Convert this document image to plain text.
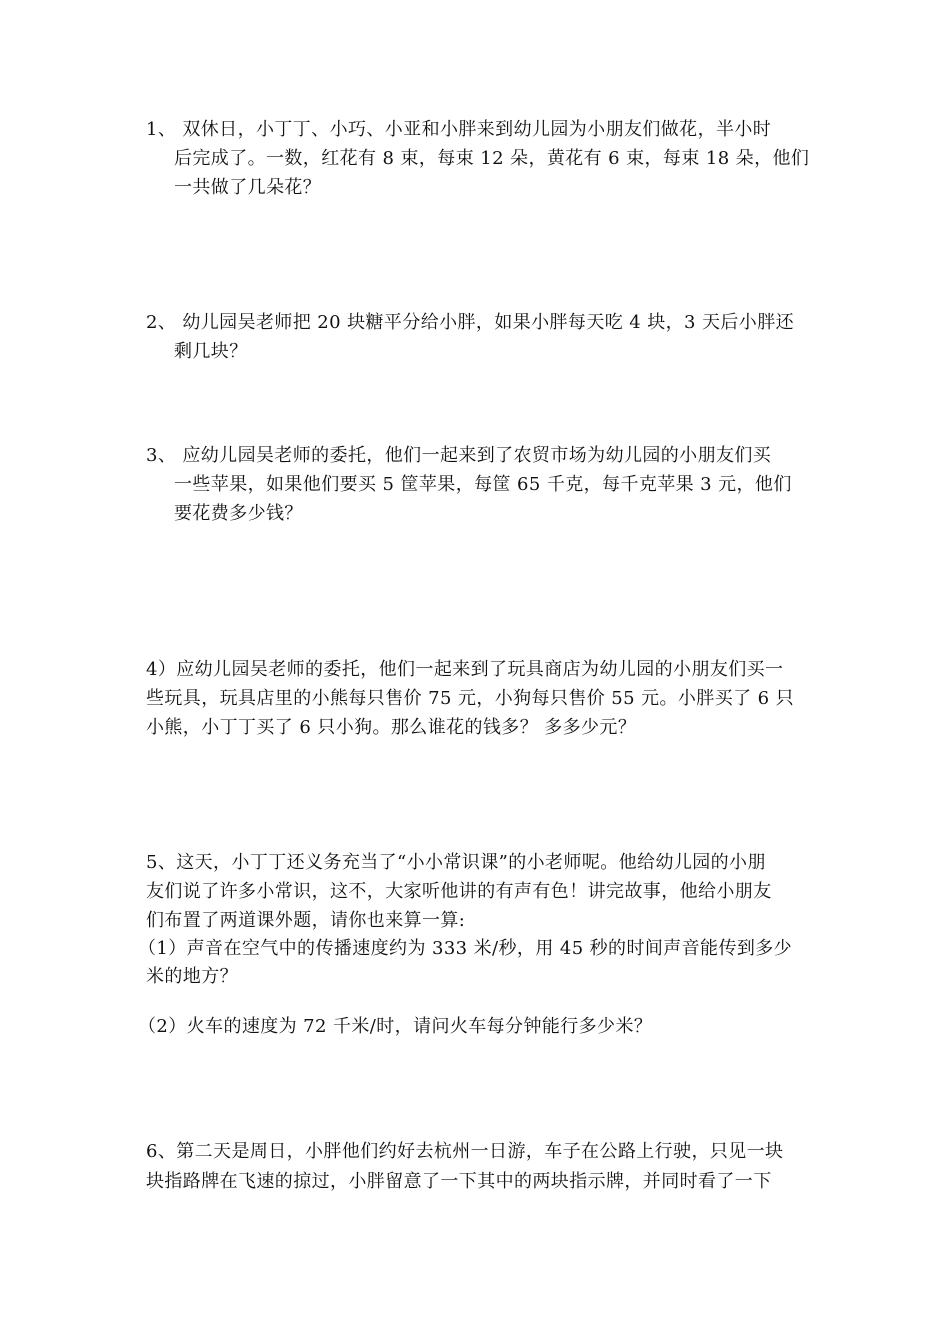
1、 双休日，小丁丁、小巧、小亚和小胖来到幼儿园为小朋友们做花，半小时
后完成了。一数，红花有 8 束，每束 12 朵，黄花有 6 束，每束 18 朵，他们
一共做了几朵花？
2、 幼儿园吴老师把 20 块糖平分给小胖，如果小胖每天吃 4 块，3 天后小胖还
剩几块？
3、 应幼儿园吴老师的委托，他们一起来到了农贸市场为幼儿园的小朋友们买
一些苹果，如果他们要买 5 筐苹果，每筐 65 千克，每千克苹果 3 元，他们
要花费多少钱？
4）应幼儿园吴老师的委托，他们一起来到了玩具商店为幼儿园的小朋友们买一
些玩具，玩具店里的小熊每只售价 75 元，小狗每只售价 55 元。小胖买了 6 只
小熊，小丁丁买了 6 只小狗。那么谁花的钱多？ 多多少元？
5、这天，小丁丁还义务充当了“小小常识课”的小老师呢。他给幼儿园的小朋
友们说了许多小常识，这不，大家听他讲的有声有色！讲完故事，他给小朋友
们布置了两道课外题，请你也来算一算:
（1）声音在空气中的传播速度约为 333 米/秒，用 45 秒的时间声音能传到多少
米的地方？
（2）火车的速度为 72 千米/时，请问火车每分钟能行多少米？
6、第二天是周日，小胖他们约好去杭州一日游，车子在公路上行驶，只见一块
块指路牌在飞速的掠过，小胖留意了一下其中的两块指示牌，并同时看了一下
